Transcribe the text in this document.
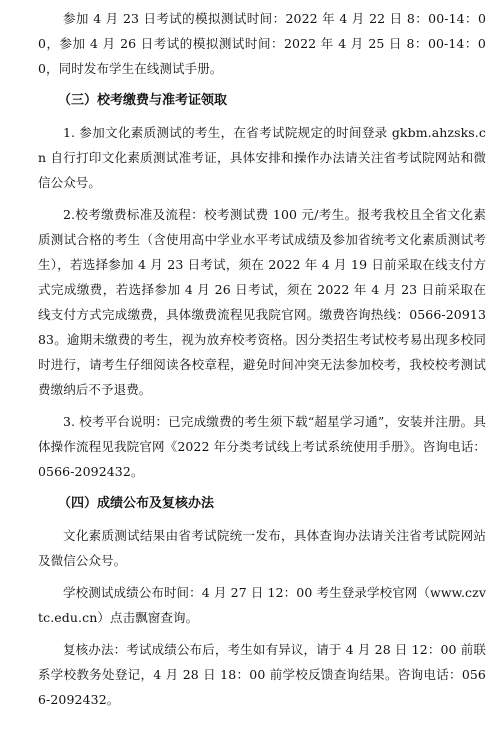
参加 4 月 23 日考试的模拟测试时间：2022 年 4 月 22 日 8：00-14：00，参加 4 月 26 日考试的模拟测试时间：2022 年 4 月 25 日 8：00-14：00，同时发布学生在线测试手册。

（三）校考缴费与准考证领取

1. 参加文化素质测试的考生，在省考试院规定的时间登录 gkbm.ahzsks.cn 自行打印文化素质测试准考证，具体安排和操作办法请关注省考试院网站和微信公众号。

2.校考缴费标准及流程：校考测试费 100 元/考生。报考我校且全省文化素质测试合格的考生（含使用高中学业水平考试成绩及参加省统考文化素质测试考生），若选择参加 4 月 23 日考试，须在 2022 年 4 月 19 日前采取在线支付方式完成缴费，若选择参加 4 月 26 日考试，须在 2022 年 4 月 23 日前采取在线支付方式完成缴费，具体缴费流程见我院官网。缴费咨询热线：0566-2091383。逾期未缴费的考生，视为放弃校考资格。因分类招生考试校考易出现多校同时进行，请考生仔细阅读各校章程，避免时间冲突无法参加校考，我校校考测试费缴纳后不予退费。

3. 校考平台说明：已完成缴费的考生须下载“超星学习通”，安装并注册。具体操作流程见我院官网《2022 年分类考试线上考试系统使用手册》。咨询电话：0566-2092432。

（四）成绩公布及复核办法

文化素质测试结果由省考试院统一发布，具体查询办法请关注省考试院网站及微信公众号。

学校测试成绩公布时间：4 月 27 日 12：00 考生登录学校官网（www.czvtc.edu.cn）点击飘窗查询。

复核办法：考试成绩公布后，考生如有异议，请于 4 月 28 日 12：00 前联系学校教务处登记，4 月 28 日 18：00 前学校反馈查询结果。咨询电话：0566-2092432。
